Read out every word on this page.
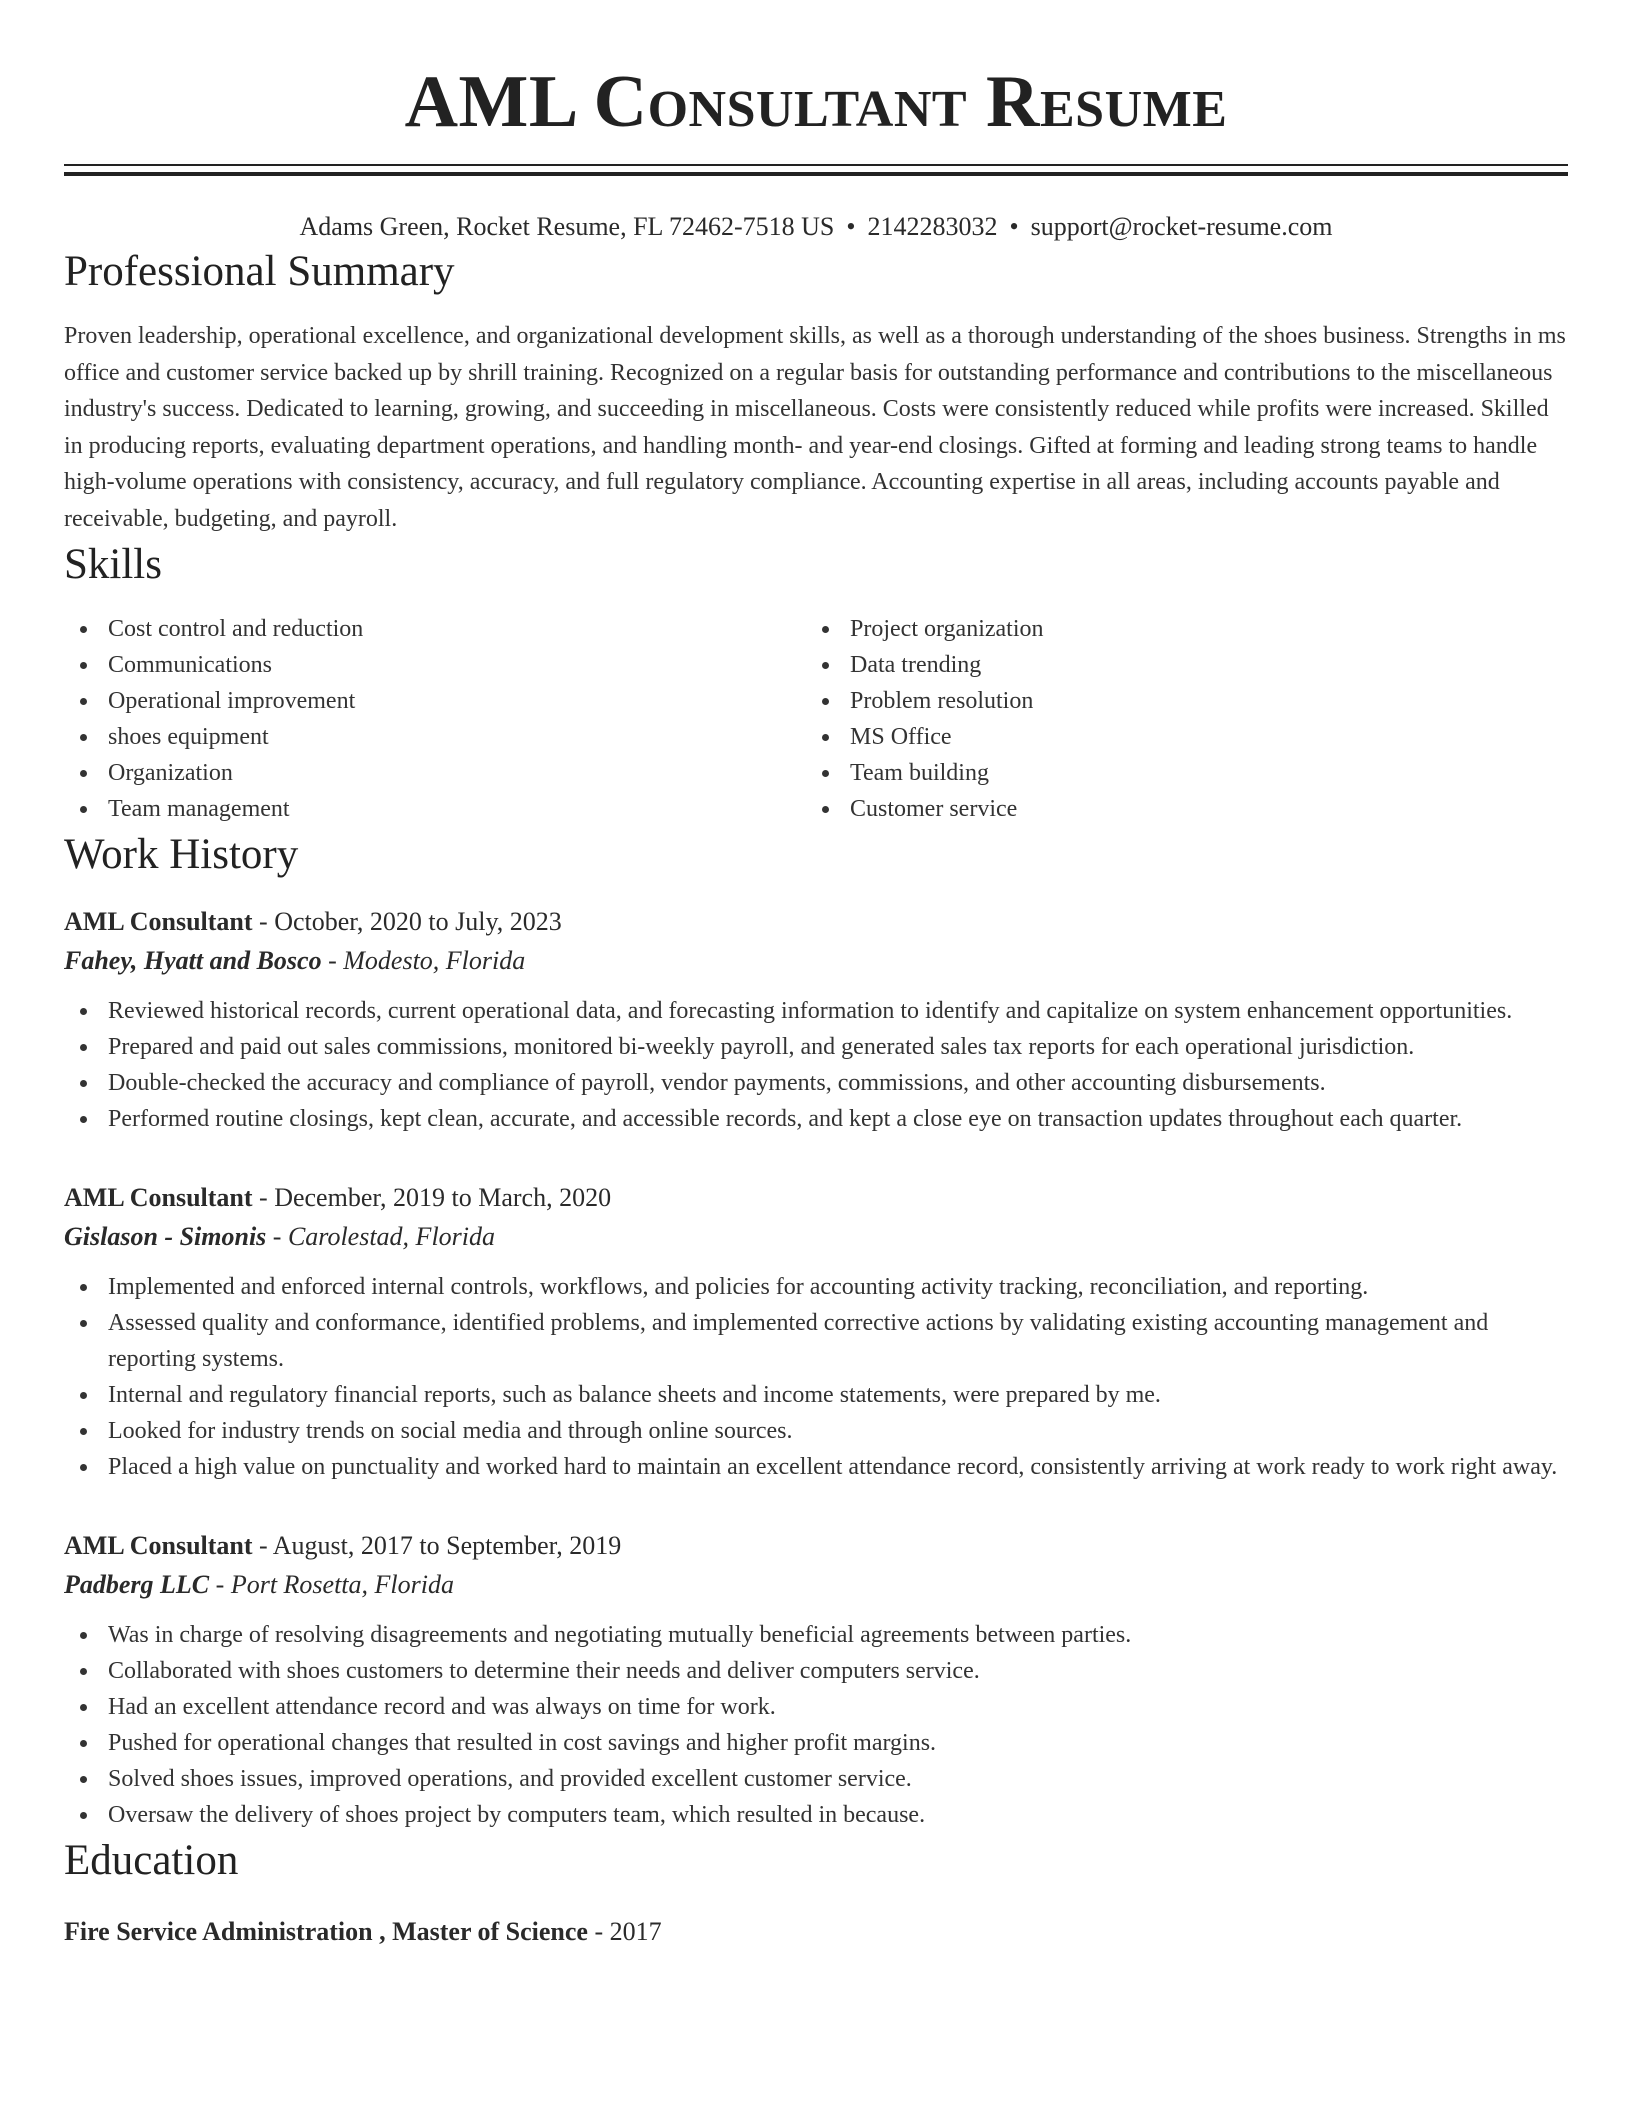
AML Consultant Resume
Adams Green, Rocket Resume, FL 72462-7518 US • 2142283032 • support@rocket-resume.com
Professional Summary

Proven leadership, operational excellence, and organizational development skills, as well as a thorough understanding of the shoes business. Strengths in ms office and customer service backed up by shrill training. Recognized on a regular basis for outstanding performance and contributions to the miscellaneous industry's success. Dedicated to learning, growing, and succeeding in miscellaneous. Costs were consistently reduced while profits were increased. Skilled in producing reports, evaluating department operations, and handling month- and year-end closings. Gifted at forming and leading strong teams to handle high-volume operations with consistency, accuracy, and full regulatory compliance. Accounting expertise in all areas, including accounts payable and receivable, budgeting, and payroll.

Skills
Cost control and reduction
Communications
Operational improvement
shoes equipment
Organization
Team management
Project organization
Data trending
Problem resolution
MS Office
Team building
Customer service
Work History
AML Consultant - October, 2020 to July, 2023
Fahey, Hyatt and Bosco - Modesto, Florida
Reviewed historical records, current operational data, and forecasting information to identify and capitalize on system enhancement opportunities.
Prepared and paid out sales commissions, monitored bi-weekly payroll, and generated sales tax reports for each operational jurisdiction.
Double-checked the accuracy and compliance of payroll, vendor payments, commissions, and other accounting disbursements.
Performed routine closings, kept clean, accurate, and accessible records, and kept a close eye on transaction updates throughout each quarter.
AML Consultant - December, 2019 to March, 2020
Gislason - Simonis - Carolestad, Florida
Implemented and enforced internal controls, workflows, and policies for accounting activity tracking, reconciliation, and reporting.
Assessed quality and conformance, identified problems, and implemented corrective actions by validating existing accounting management and reporting systems.
Internal and regulatory financial reports, such as balance sheets and income statements, were prepared by me.
Looked for industry trends on social media and through online sources.
Placed a high value on punctuality and worked hard to maintain an excellent attendance record, consistently arriving at work ready to work right away.
AML Consultant - August, 2017 to September, 2019
Padberg LLC - Port Rosetta, Florida
Was in charge of resolving disagreements and negotiating mutually beneficial agreements between parties.
Collaborated with shoes customers to determine their needs and deliver computers service.
Had an excellent attendance record and was always on time for work.
Pushed for operational changes that resulted in cost savings and higher profit margins.
Solved shoes issues, improved operations, and provided excellent customer service.
Oversaw the delivery of shoes project by computers team, which resulted in because.
Education
Fire Service Administration , Master of Science - 2017
